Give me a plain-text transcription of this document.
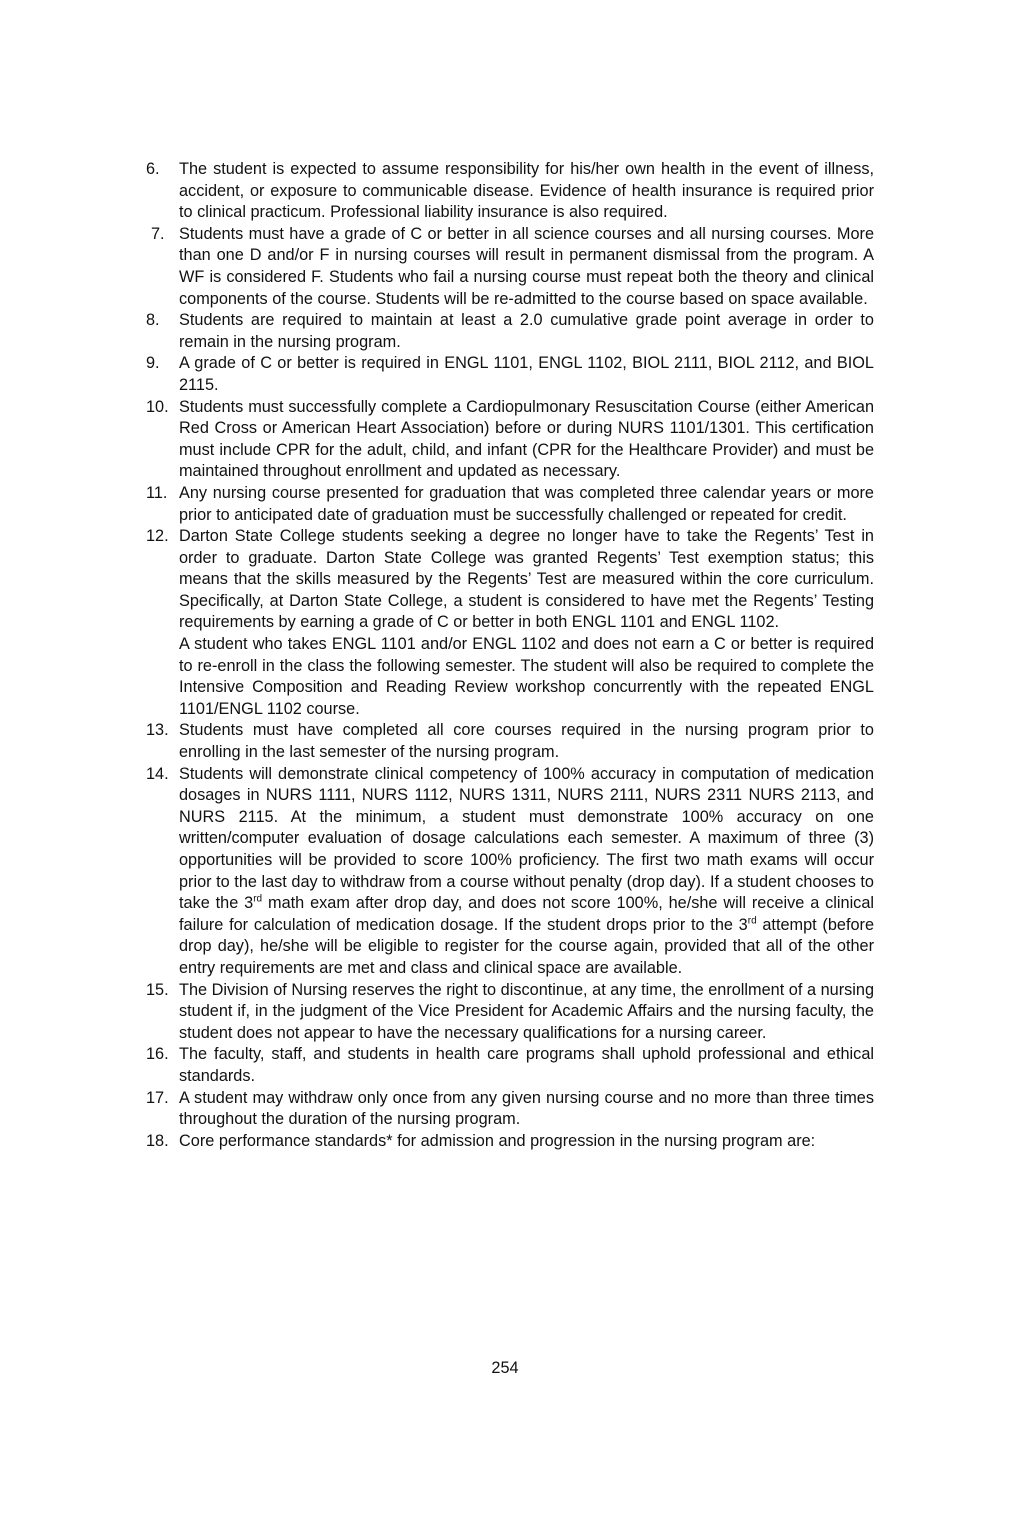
6. The student is expected to assume responsibility for his/her own health in the event of illness, accident, or exposure to communicable disease. Evidence of health insurance is required prior to clinical practicum. Professional liability insurance is also required.
7. Students must have a grade of C or better in all science courses and all nursing courses. More than one D and/or F in nursing courses will result in permanent dismissal from the program. A WF is considered F. Students who fail a nursing course must repeat both the theory and clinical components of the course. Students will be re-admitted to the course based on space available.
8. Students are required to maintain at least a 2.0 cumulative grade point average in order to remain in the nursing program.
9. A grade of C or better is required in ENGL 1101, ENGL 1102, BIOL 2111, BIOL 2112, and BIOL 2115.
10. Students must successfully complete a Cardiopulmonary Resuscitation Course (either American Red Cross or American Heart Association) before or during NURS 1101/1301. This certification must include CPR for the adult, child, and infant (CPR for the Healthcare Provider) and must be maintained throughout enrollment and updated as necessary.
11. Any nursing course presented for graduation that was completed three calendar years or more prior to anticipated date of graduation must be successfully challenged or repeated for credit.
12. Darton State College students seeking a degree no longer have to take the Regents’ Test in order to graduate. Darton State College was granted Regents’ Test exemption status; this means that the skills measured by the Regents’ Test are measured within the core curriculum. Specifically, at Darton State College, a student is considered to have met the Regents’ Testing requirements by earning a grade of C or better in both ENGL 1101 and ENGL 1102.
A student who takes ENGL 1101 and/or ENGL 1102 and does not earn a C or better is required to re-enroll in the class the following semester. The student will also be required to complete the Intensive Composition and Reading Review workshop concurrently with the repeated ENGL 1101/ENGL 1102 course.
13. Students must have completed all core courses required in the nursing program prior to enrolling in the last semester of the nursing program.
14. Students will demonstrate clinical competency of 100% accuracy in computation of medication dosages in NURS 1111, NURS 1112, NURS 1311, NURS 2111, NURS 2311 NURS 2113, and NURS 2115. At the minimum, a student must demonstrate 100% accuracy on one written/computer evaluation of dosage calculations each semester. A maximum of three (3) opportunities will be provided to score 100% proficiency. The first two math exams will occur prior to the last day to withdraw from a course without penalty (drop day). If a student chooses to take the 3rd math exam after drop day, and does not score 100%, he/she will receive a clinical failure for calculation of medication dosage. If the student drops prior to the 3rd attempt (before drop day), he/she will be eligible to register for the course again, provided that all of the other entry requirements are met and class and clinical space are available.
15. The Division of Nursing reserves the right to discontinue, at any time, the enrollment of a nursing student if, in the judgment of the Vice President for Academic Affairs and the nursing faculty, the student does not appear to have the necessary qualifications for a nursing career.
16. The faculty, staff, and students in health care programs shall uphold professional and ethical standards.
17. A student may withdraw only once from any given nursing course and no more than three times throughout the duration of the nursing program.
18. Core performance standards* for admission and progression in the nursing program are:
254
